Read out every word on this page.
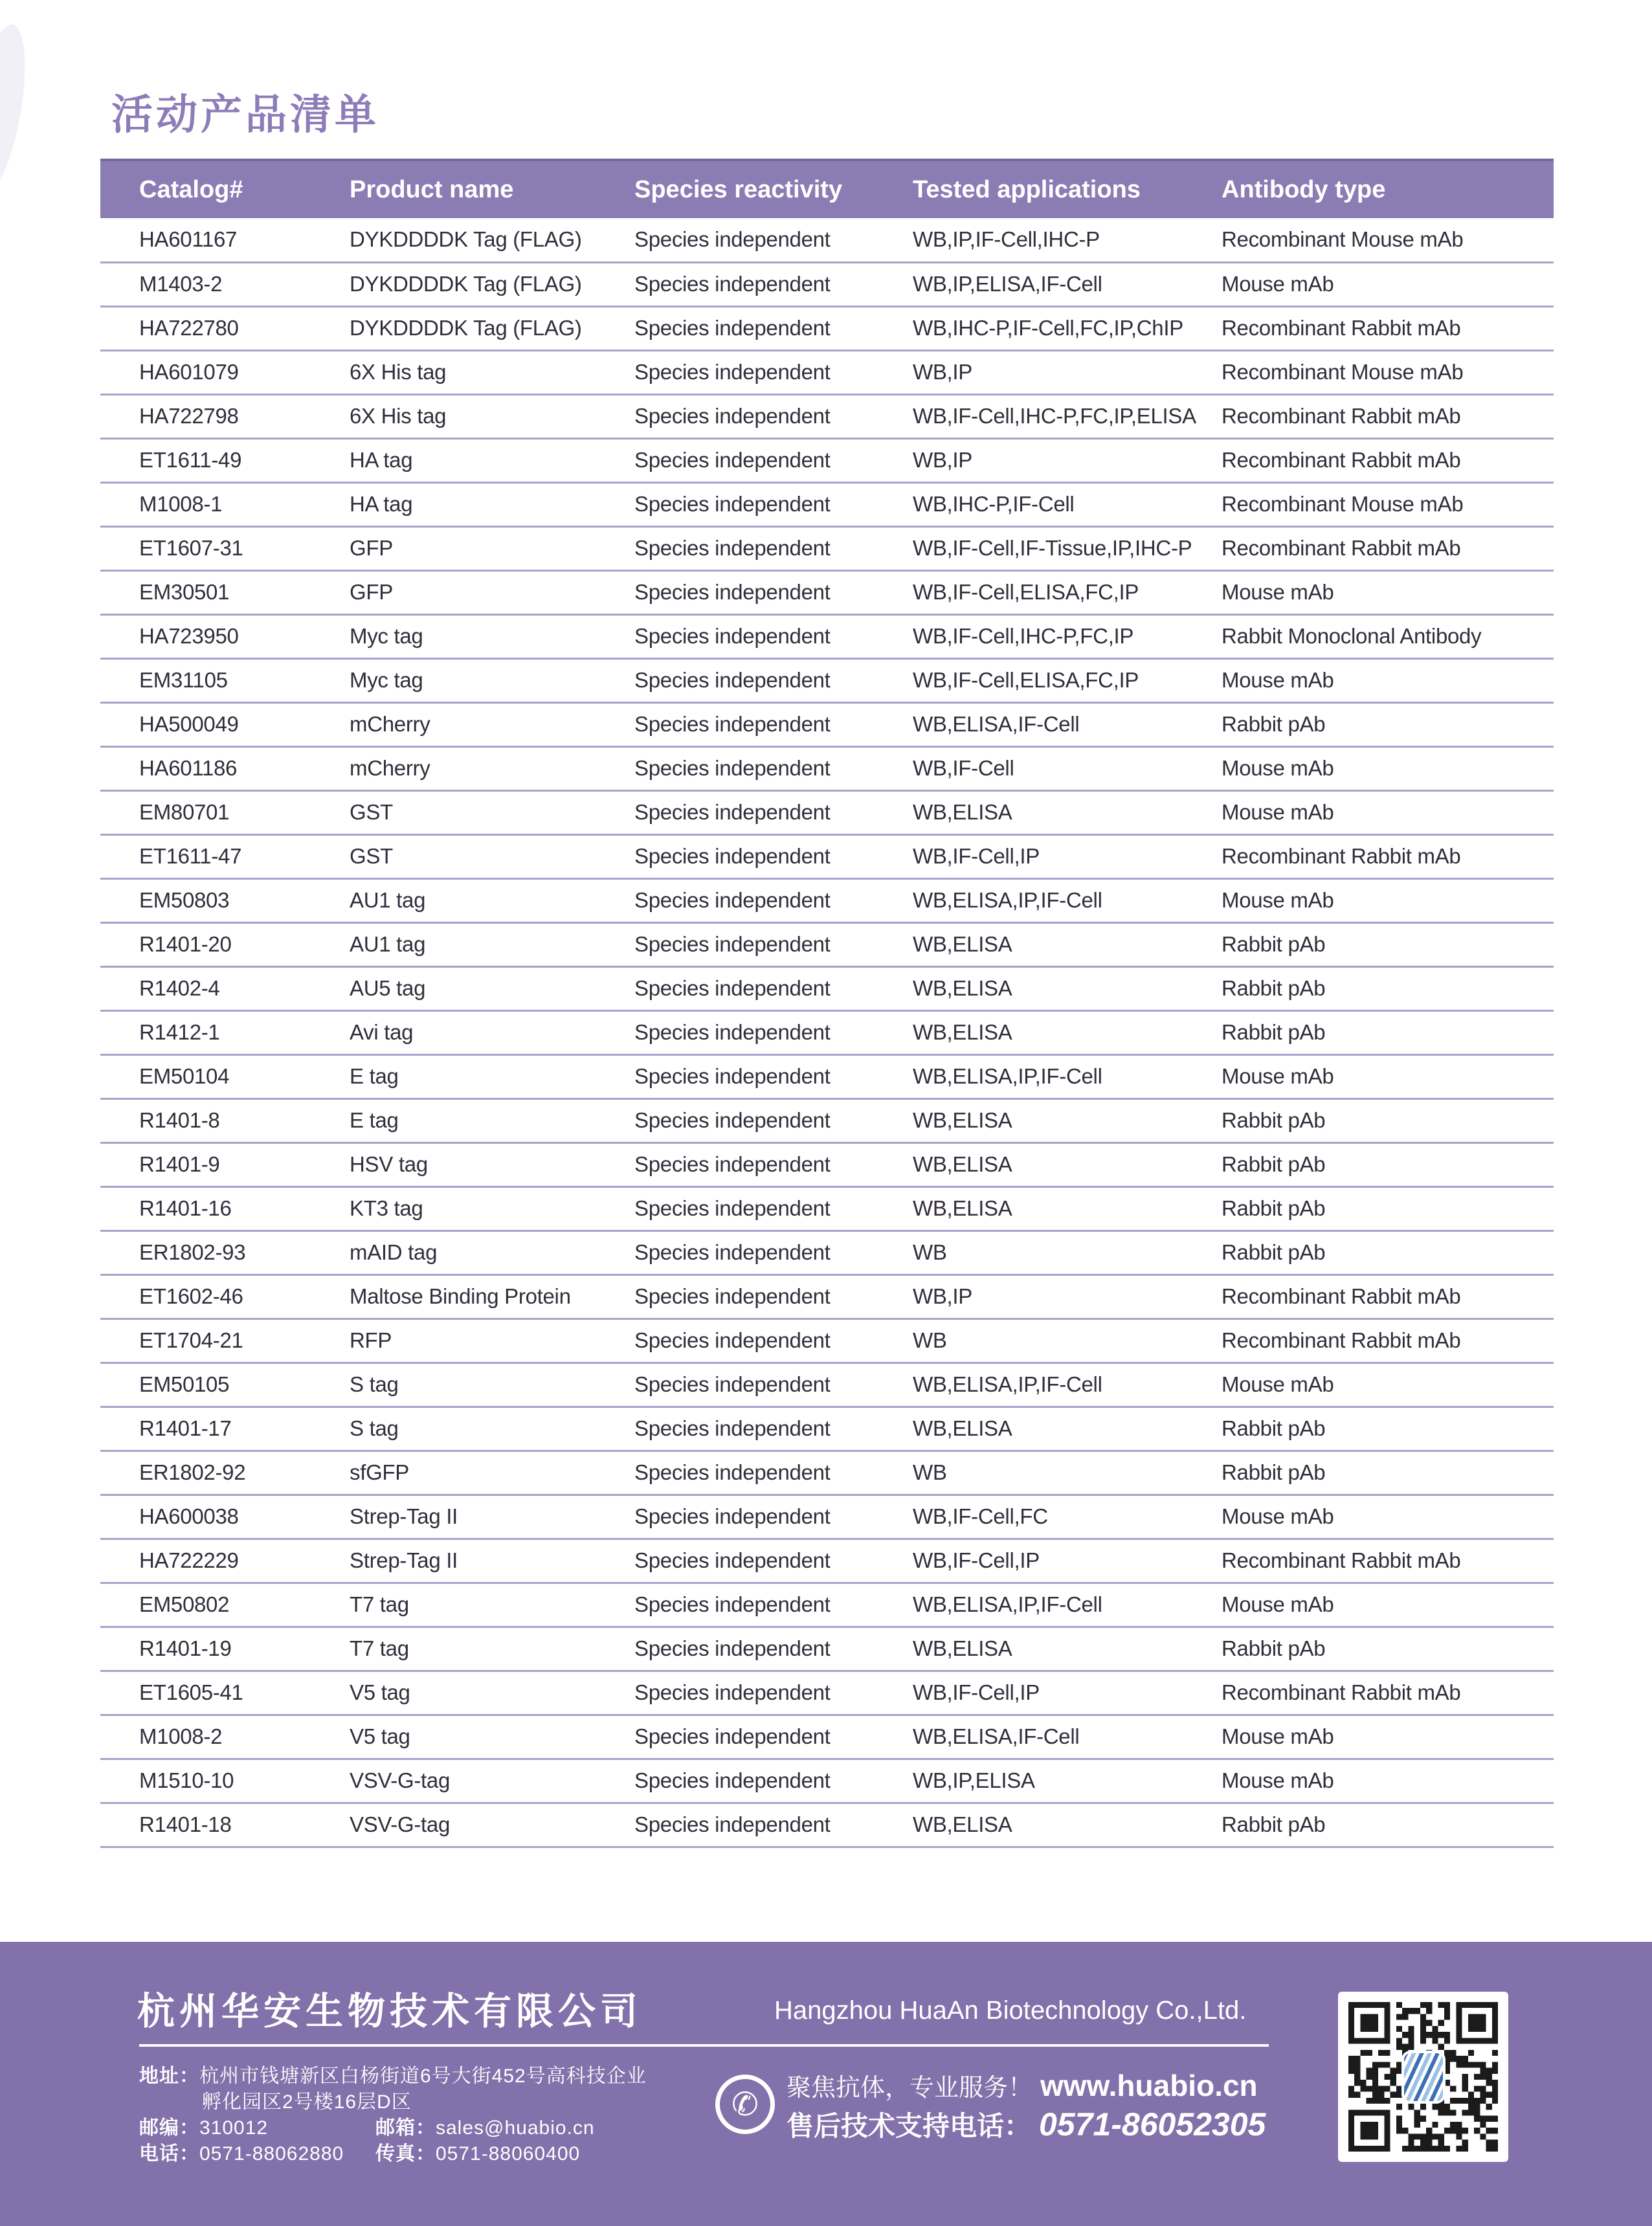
活动产品清单
Catalog#	Product name	Species reactivity	Tested applications	Antibody type
HA601167	DYKDDDDK Tag (FLAG)	Species independent	WB,IP,IF-Cell,IHC-P	Recombinant Mouse mAb
M1403-2	DYKDDDDK Tag (FLAG)	Species independent	WB,IP,ELISA,IF-Cell	Mouse mAb
HA722780	DYKDDDDK Tag (FLAG)	Species independent	WB,IHC-P,IF-Cell,FC,IP,ChIP	Recombinant Rabbit mAb
HA601079	6X His tag	Species independent	WB,IP	Recombinant Mouse mAb
HA722798	6X His tag	Species independent	WB,IF-Cell,IHC-P,FC,IP,ELISA	Recombinant Rabbit mAb
ET1611-49	HA tag	Species independent	WB,IP	Recombinant Rabbit mAb
M1008-1	HA tag	Species independent	WB,IHC-P,IF-Cell	Recombinant Mouse mAb
ET1607-31	GFP	Species independent	WB,IF-Cell,IF-Tissue,IP,IHC-P	Recombinant Rabbit mAb
EM30501	GFP	Species independent	WB,IF-Cell,ELISA,FC,IP	Mouse mAb
HA723950	Myc tag	Species independent	WB,IF-Cell,IHC-P,FC,IP	Rabbit Monoclonal Antibody
EM31105	Myc tag	Species independent	WB,IF-Cell,ELISA,FC,IP	Mouse mAb
HA500049	mCherry	Species independent	WB,ELISA,IF-Cell	Rabbit pAb
HA601186	mCherry	Species independent	WB,IF-Cell	Mouse mAb
EM80701	GST	Species independent	WB,ELISA	Mouse mAb
ET1611-47	GST	Species independent	WB,IF-Cell,IP	Recombinant Rabbit mAb
EM50803	AU1 tag	Species independent	WB,ELISA,IP,IF-Cell	Mouse mAb
R1401-20	AU1 tag	Species independent	WB,ELISA	Rabbit pAb
R1402-4	AU5 tag	Species independent	WB,ELISA	Rabbit pAb
R1412-1	Avi tag	Species independent	WB,ELISA	Rabbit pAb
EM50104	E tag	Species independent	WB,ELISA,IP,IF-Cell	Mouse mAb
R1401-8	E tag	Species independent	WB,ELISA	Rabbit pAb
R1401-9	HSV tag	Species independent	WB,ELISA	Rabbit pAb
R1401-16	KT3 tag	Species independent	WB,ELISA	Rabbit pAb
ER1802-93	mAID tag	Species independent	WB	Rabbit pAb
ET1602-46	Maltose Binding Protein	Species independent	WB,IP	Recombinant Rabbit mAb
ET1704-21	RFP	Species independent	WB	Recombinant Rabbit mAb
EM50105	S tag	Species independent	WB,ELISA,IP,IF-Cell	Mouse mAb
R1401-17	S tag	Species independent	WB,ELISA	Rabbit pAb
ER1802-92	sfGFP	Species independent	WB	Rabbit pAb
HA600038	Strep-Tag II	Species independent	WB,IF-Cell,FC	Mouse mAb
HA722229	Strep-Tag II	Species independent	WB,IF-Cell,IP	Recombinant Rabbit mAb
EM50802	T7 tag	Species independent	WB,ELISA,IP,IF-Cell	Mouse mAb
R1401-19	T7 tag	Species independent	WB,ELISA	Rabbit pAb
ET1605-41	V5 tag	Species independent	WB,IF-Cell,IP	Recombinant Rabbit mAb
M1008-2	V5 tag	Species independent	WB,ELISA,IF-Cell	Mouse mAb
M1510-10	VSV-G-tag	Species independent	WB,IP,ELISA	Mouse mAb
R1401-18	VSV-G-tag	Species independent	WB,ELISA	Rabbit pAb
杭州华安生物技术有限公司	Hangzhou HuaAn Biotechnology Co.,Ltd.
地址：杭州市钱塘新区白杨街道6号大街452号高科技企业
孵化园区2号楼16层D区
邮编：310012	邮箱：sales@huabio.cn
电话：0571-88062880 传真：0571-88060400
✆ 聚焦抗体，专业服务！ www.huabio.cn
售后技术支持电话： 0571-86052305
